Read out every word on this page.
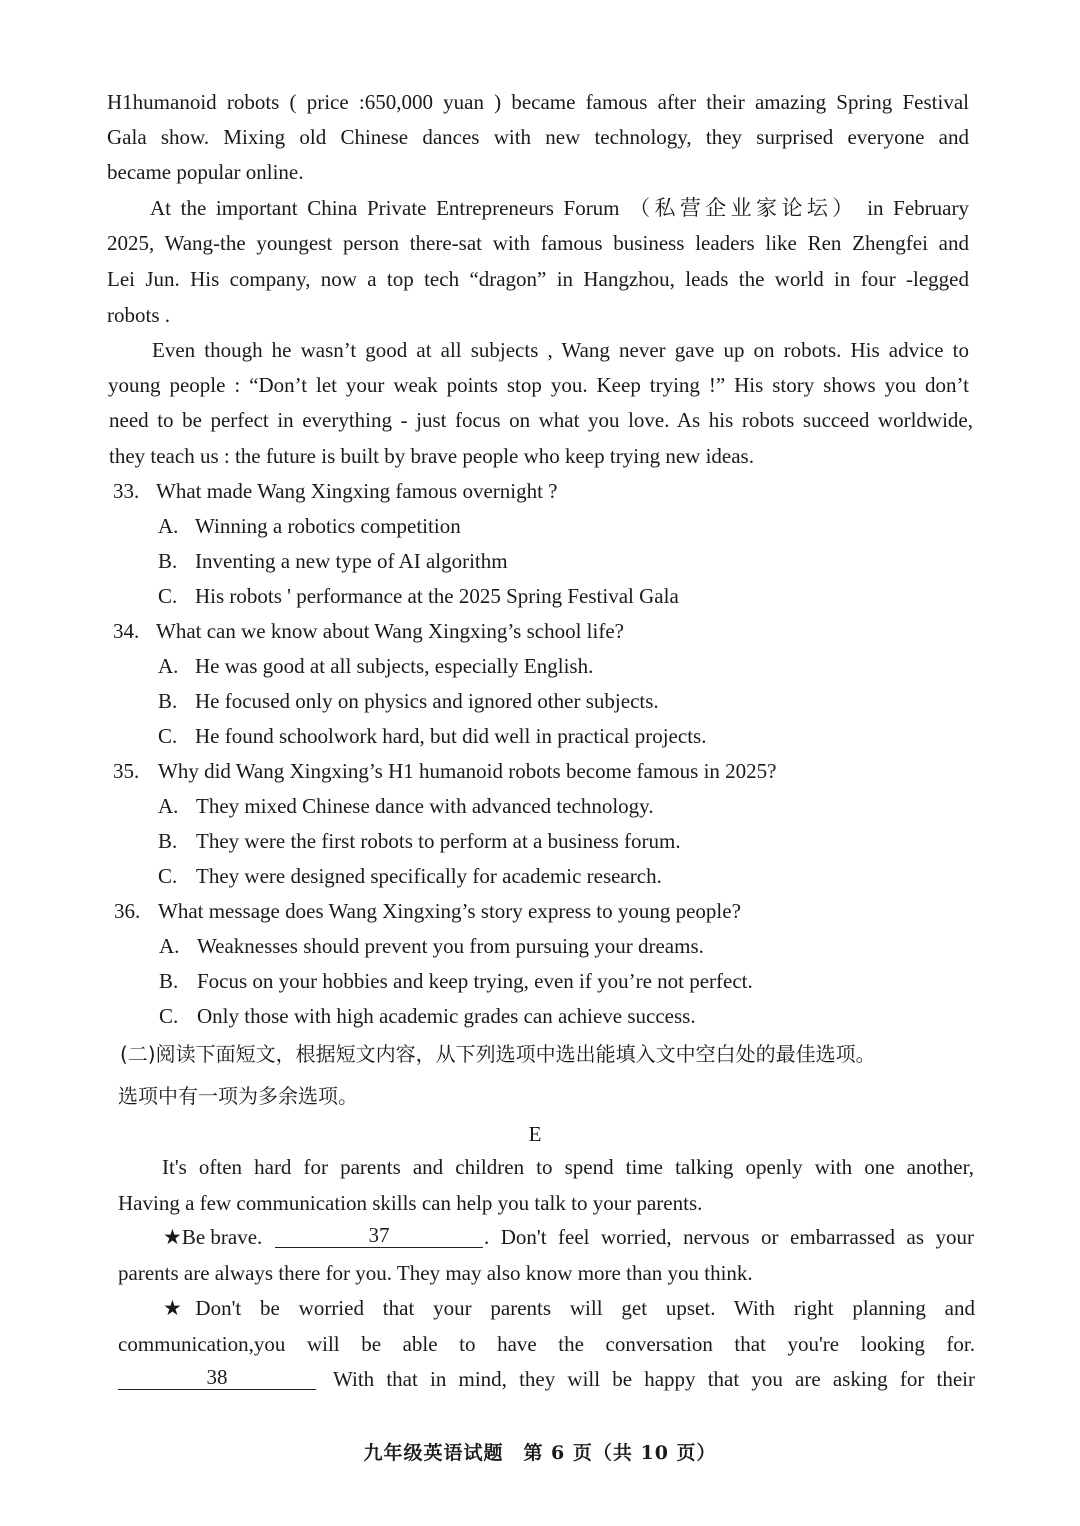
H1humanoid robots ( price :650,000 yuan ) became famous after their amazing Spring Festival
Gala show. Mixing old Chinese dances with new technology, they surprised everyone and
became popular online.
At the important China Private Entrepreneurs Forum （私营企业家论坛） in February
2025, Wang-the youngest person there-sat with famous business leaders like Ren Zhengfei and
Lei Jun. His company, now a top tech “dragon” in Hangzhou, leads the world in four -legged
robots .
Even though he wasn’t good at all subjects , Wang never gave up on robots. His advice to
young people : “Don’t let your weak points stop you. Keep trying !” His story shows you don’t
need to be perfect in everything - just focus on what you love. As his robots succeed worldwide,
they teach us : the future is built by brave people who keep trying new ideas.
33. What made Wang Xingxing famous overnight ?
A. Winning a robotics competition
B. Inventing a new type of AI algorithm
C. His robots ' performance at the 2025 Spring Festival Gala
34. What can we know about Wang Xingxing’s school life?
A. He was good at all subjects, especially English.
B. He focused only on physics and ignored other subjects.
C. He found schoolwork hard, but did well in practical projects.
35. Why did Wang Xingxing’s H1 humanoid robots become famous in 2025?
A. They mixed Chinese dance with advanced technology.
B. They were the first robots to perform at a business forum.
C. They were designed specifically for academic research.
36. What message does Wang Xingxing’s story express to young people?
A. Weaknesses should prevent you from pursuing your dreams.
B. Focus on your hobbies and keep trying, even if you’re not perfect.
C. Only those with high academic grades can achieve success.
(二)阅读下面短文，根据短文内容，从下列选项中选出能填入文中空白处的最佳选项。
选项中有一项为多余选项。
E
It's often hard for parents and children to spend time talking openly with one another,
Having a few communication skills can help you talk to your parents.
★Be brave.	37	. Don't feel worried, nervous or embarrassed as your
parents are always there for you. They may also know more than you think.
★Don't be worried that your parents will get upset. With right planning and
communication,you will be able to have the conversation that you're looking for.
38	With that in mind, they will be happy that you are asking for their
九年级英语试题　第 6 页（共 10 页）
